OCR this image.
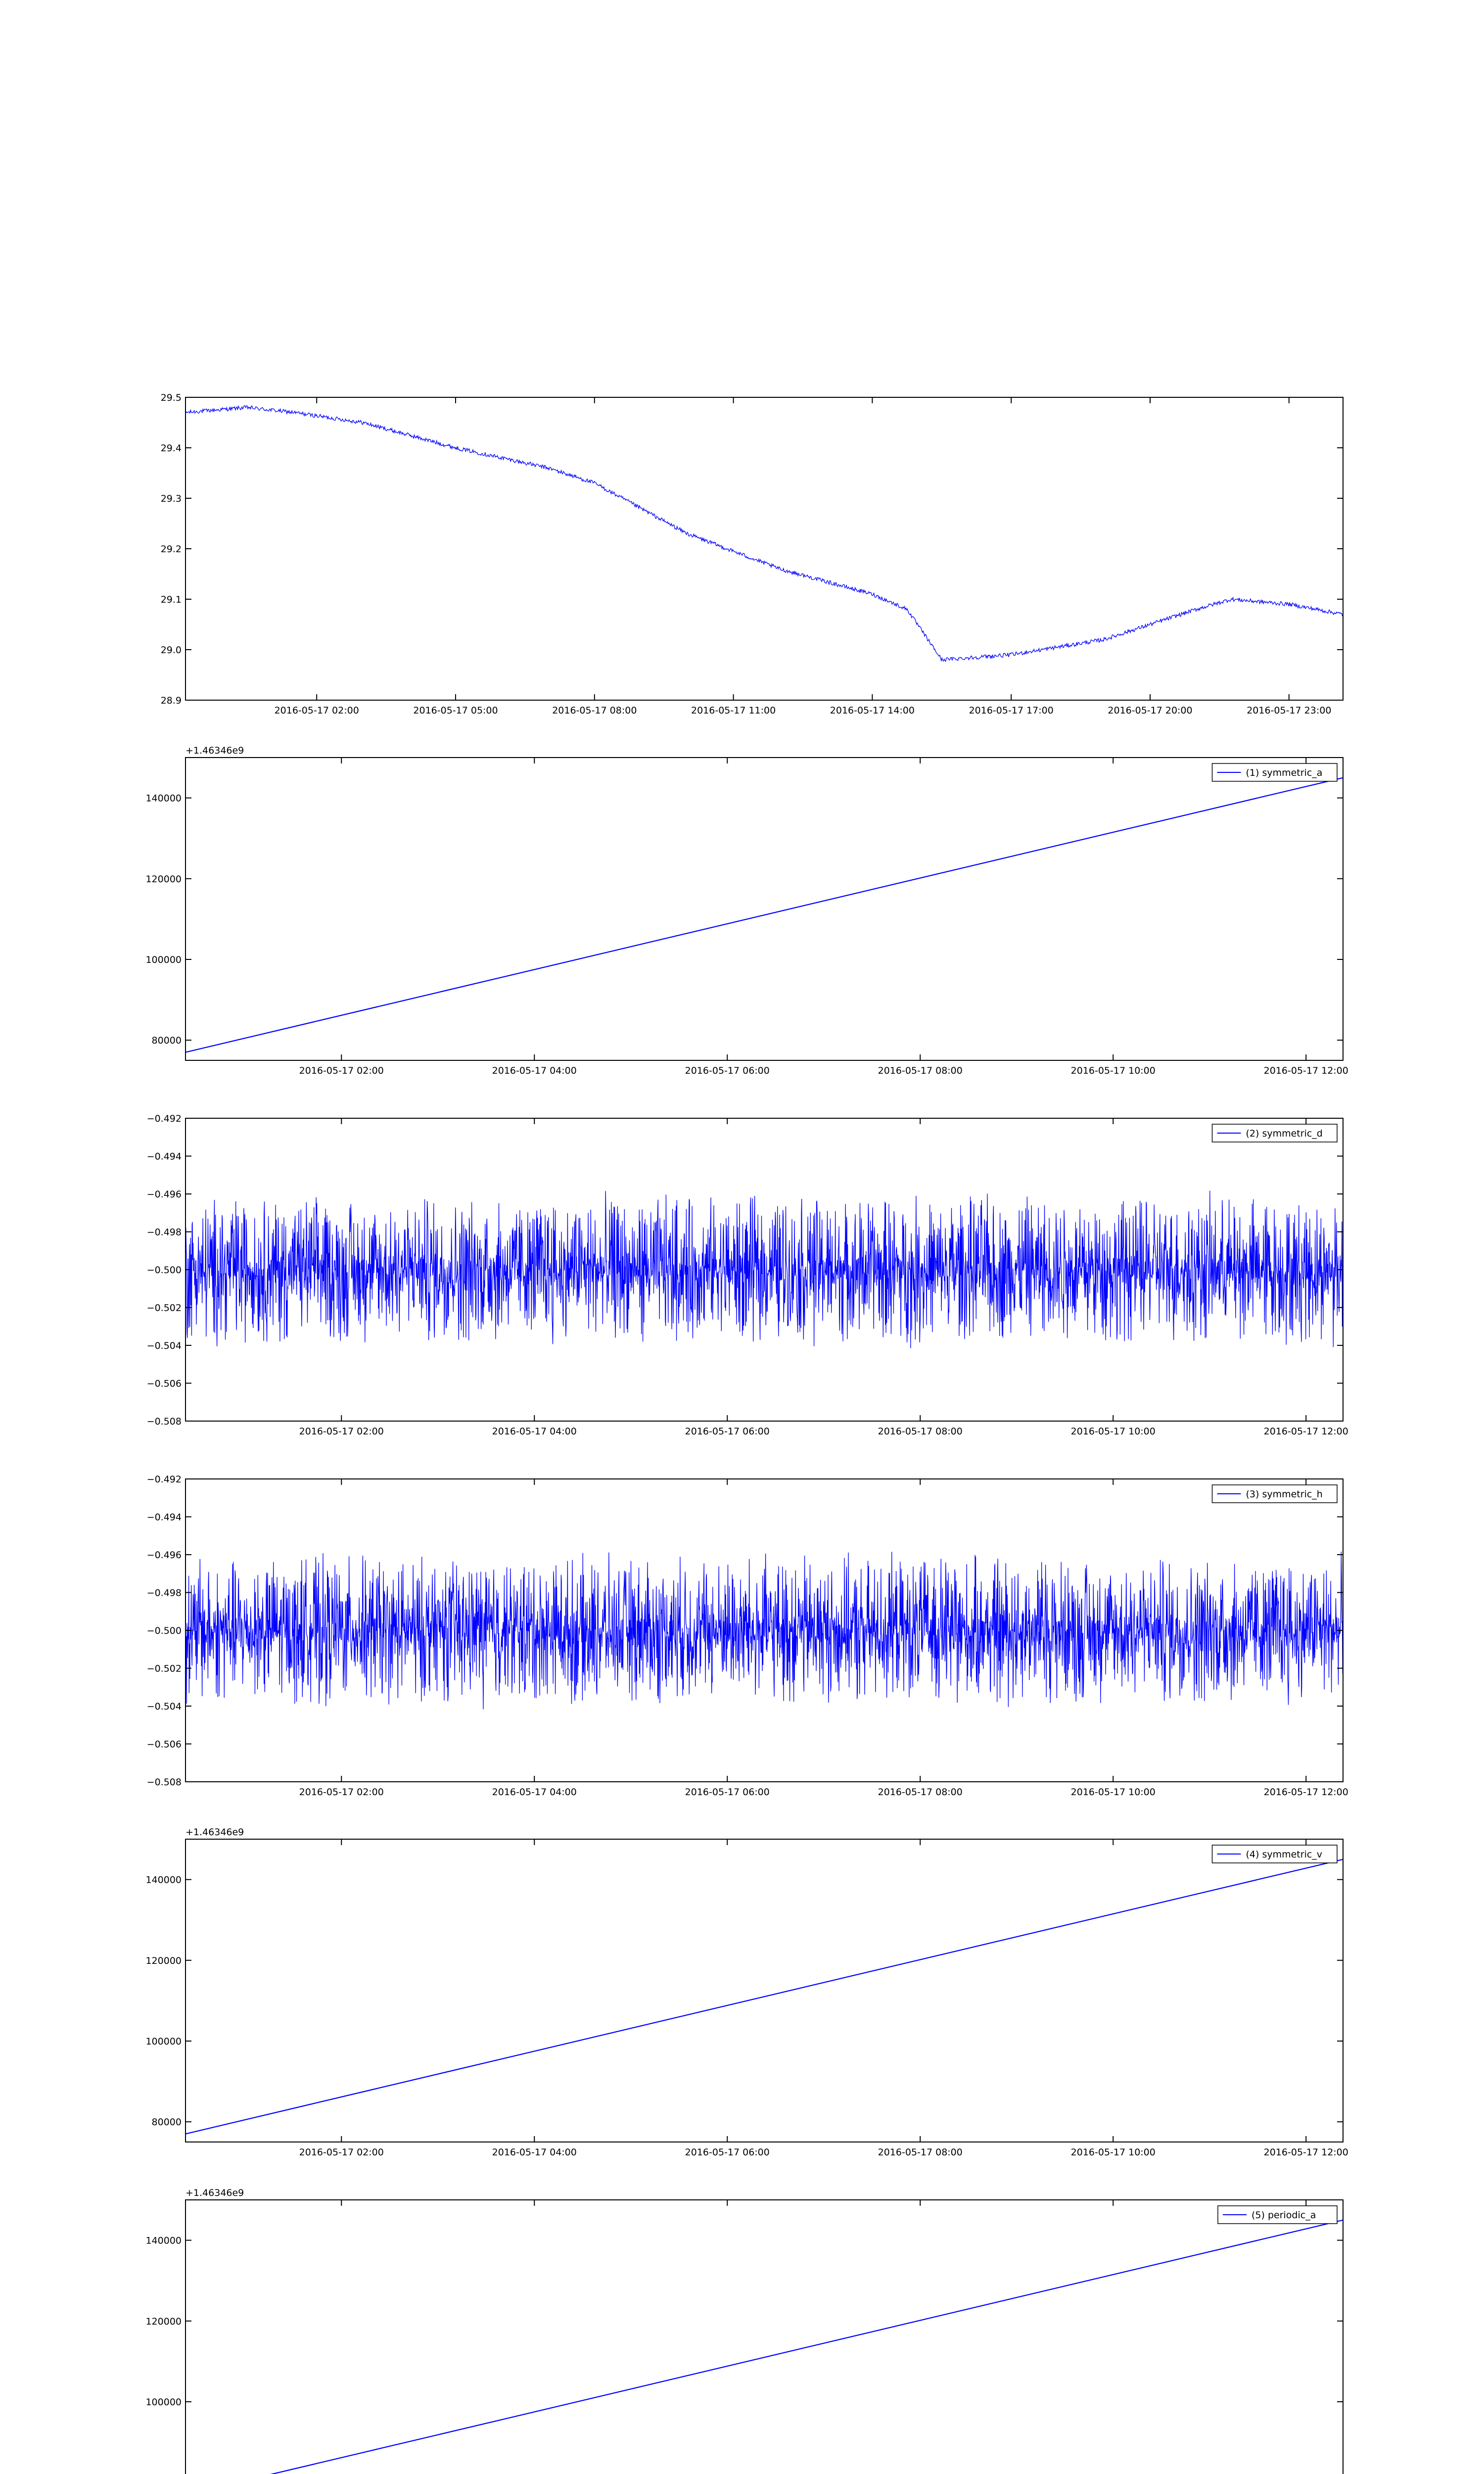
28.9
29.0
29.1
29.2
29.3
29.4
29.5
2016-05-17 02:00	2016-05-17 05:00	2016-05-17 08:00	2016-05-17 11:00	2016-05-17 14:00	2016-05-17 17:00	2016-05-17 20:00	2016-05-17 23:00
80000
100000
120000
140000
2016-05-17 02:00	2016-05-17 04:00	2016-05-17 06:00	2016-05-17 08:00	2016-05-17 10:00	2016-05-17 12:00
+1.46346e9
(1) symmetric_a
−0.492
−0.494
−0.496
−0.498
−0.500
−0.502
−0.504
−0.506
−0.508
2016-05-17 02:00	2016-05-17 04:00	2016-05-17 06:00	2016-05-17 08:00	2016-05-17 10:00	2016-05-17 12:00
(2) symmetric_d
−0.492
−0.494
−0.496
−0.498
−0.500
−0.502
−0.504
−0.506
−0.508
2016-05-17 02:00	2016-05-17 04:00	2016-05-17 06:00	2016-05-17 08:00	2016-05-17 10:00	2016-05-17 12:00
(3) symmetric_h
80000
100000
120000
140000
2016-05-17 02:00	2016-05-17 04:00	2016-05-17 06:00	2016-05-17 08:00	2016-05-17 10:00	2016-05-17 12:00
+1.46346e9
(4) symmetric_v
100000
120000
140000
+1.46346e9
(5) periodic_a
